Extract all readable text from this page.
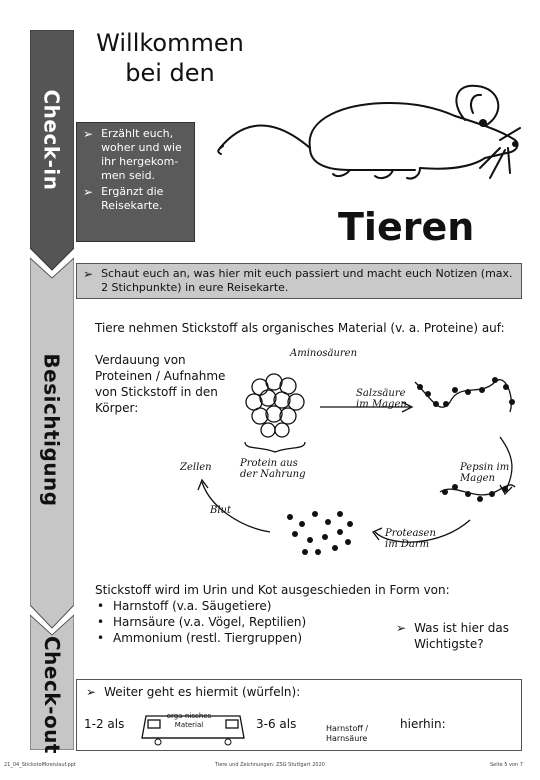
Check-in
Besichtigung
Check-out
Willkommen
bei den
➢ Erzählt euch, woher und wie ihr hergekom-men seid.
➢ Ergänzt die Reisekarte.	Tieren
➢ Schaut euch an, was hier mit euch passiert und macht euch Notizen (max. 2 Stichpunkte) in eure Reisekarte.
Tiere nehmen Stickstoff als organisches Material (v. a. Proteine) auf:
Verdauung von Proteinen / Aufnahme von Stickstoff in den Körper:
Aminosäuren
Salzsäure im Magen
Protein aus der Nahrung
Pepsin im Magen
Zellen
Blut
Proteasen im Darm
Stickstoff wird im Urin und Kot ausgeschieden in Form von:
• Harnstoff (v.a. Säugetiere)
• Harnsäure (v.a. Vögel, Reptilien)
• Ammonium (restl. Tiergruppen)
➢ Was ist hier das Wichtigste?
➢ Weiter geht es hiermit (würfeln):
1-2 als
orga-nisches Material	3-6 als	Harnstoff / Harnsäure
hierhin:
21_04_Stickstoffkreislauf.ppt	Tiere und Zeichnungen: ZSG Stuttgart 2020	Seite 5 von 7
